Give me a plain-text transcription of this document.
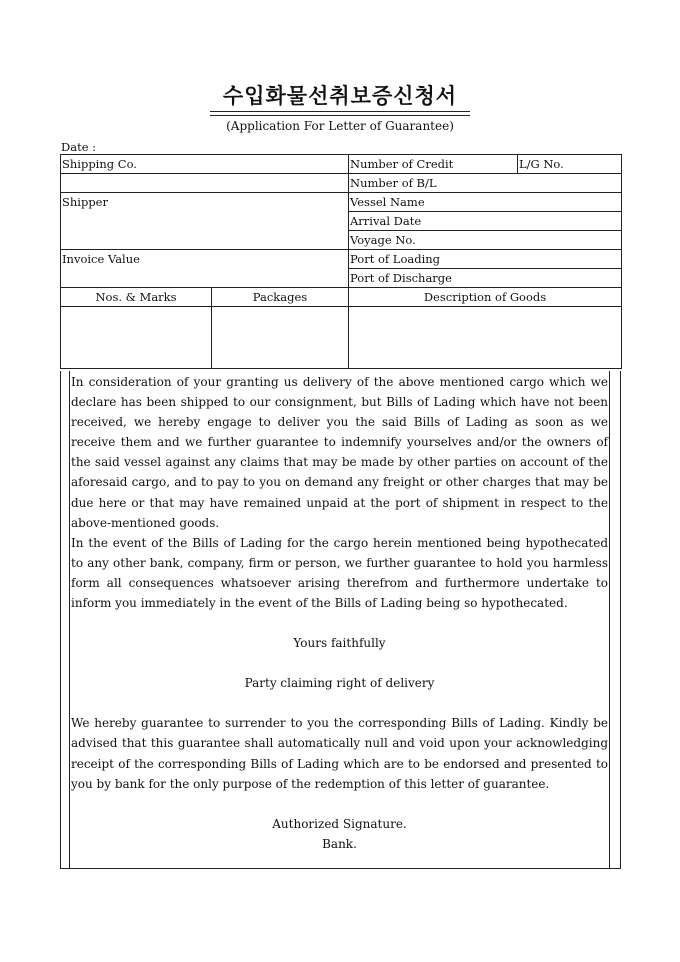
수입화물선취보증신청서
(Application For Letter of Guarantee)
Date :
Shipping Co.		Number of Credit	L/G No.
		Number of B/L	
Shipper		Vessel Name	
		Arrival Date	
		Voyage No.	
Invoice Value		Port of Loading	
		Port of Discharge	
Nos. & Marks	Packages	Description of Goods	

In consideration of your granting us delivery of the above mentioned cargo which we declare has been shipped to our consignment, but Bills of Lading which have not been received, we hereby engage to deliver you the said Bills of Lading as soon as we receive them and we further guarantee to indemnify yourselves and/or the owners of the said vessel against any claims that may be made by other parties on account of the aforesaid cargo, and to pay to you on demand any freight or other charges that may be due here or that may have remained unpaid at the port of shipment in respect to the above-mentioned goods.
In the event of the Bills of Lading for the cargo herein mentioned being hypothecated to any other bank, company, firm or person, we further guarantee to hold you harmless form all consequences whatsoever arising therefrom and furthermore undertake to inform you immediately in the event of the Bills of Lading being so hypothecated.
Yours faithfully
Party claiming right of delivery
We hereby guarantee to surrender to you the corresponding Bills of Lading. Kindly be advised that this guarantee shall automatically null and void upon your acknowledging receipt of the corresponding Bills of Lading which are to be endorsed and presented to you by bank for the only purpose of the redemption of this letter of guarantee.
Authorized Signature.
Bank.
